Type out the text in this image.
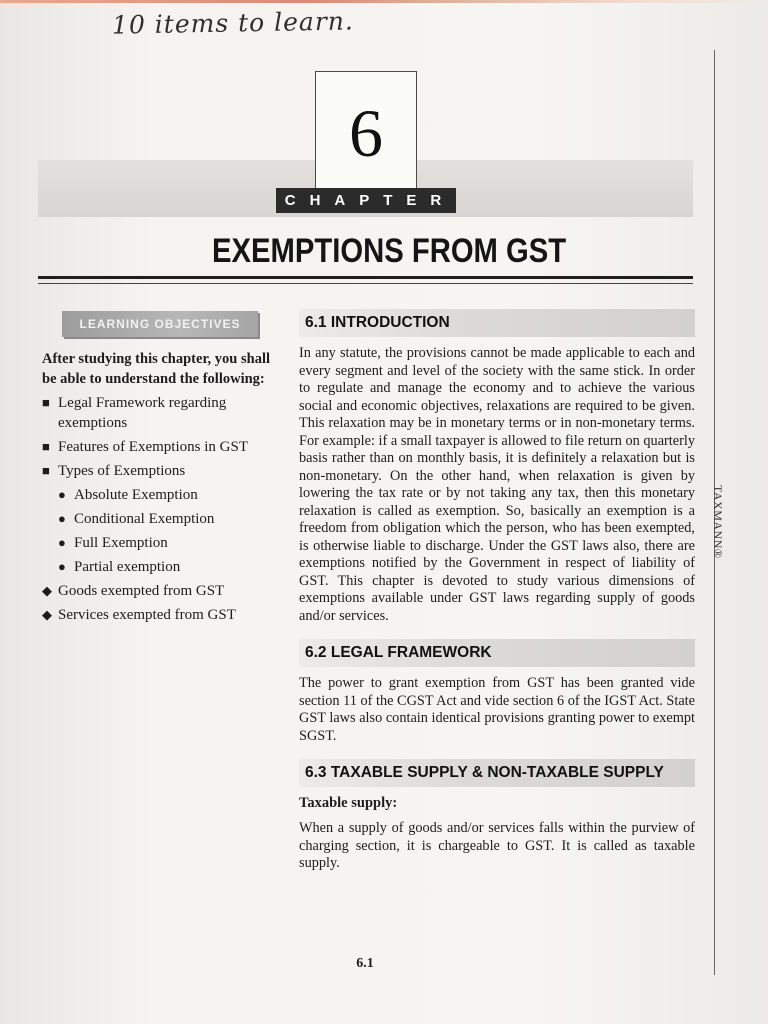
10 items to learn.
6
CHAPTER
EXEMPTIONS FROM GST
TAXMANN®
LEARNING OBJECTIVES

After studying this chapter, you shall be able to understand the following:

■ Legal Framework regarding exemptions
■ Features of Exemptions in GST
■ Types of Exemptions
● Absolute Exemption
● Conditional Exemption
● Full Exemption
● Partial exemption
◆ Goods exempted from GST
◆ Services exempted from GST
6.1 INTRODUCTION

In any statute, the provisions cannot be made applicable to each and every segment and level of the society with the same stick. In order to regulate and manage the economy and to achieve the various social and economic objectives, relaxations are required to be given. This relaxation may be in monetary terms or in non-monetary terms. For example: if a small taxpayer is allowed to file return on quarterly basis rather than on monthly basis, it is definitely a relaxation but is non-monetary. On the other hand, when relaxation is given by lowering the tax rate or by not taking any tax, then this monetary relaxation is called as exemption. So, basically an exemption is a freedom from obligation which the person, who has been exempted, is otherwise liable to discharge. Under the GST laws also, there are exemptions notified by the Government in respect of liability of GST. This chapter is devoted to study various dimensions of exemptions available under GST laws regarding supply of goods and/or services.

6.2 LEGAL FRAMEWORK

The power to grant exemption from GST has been granted vide section 11 of the CGST Act and vide section 6 of the IGST Act. State GST laws also contain identical provisions granting power to exempt SGST.

6.3 TAXABLE SUPPLY & NON-TAXABLE SUPPLY

Taxable supply:

When a supply of goods and/or services falls within the purview of charging section, it is chargeable to GST. It is called as taxable supply.

6.1
